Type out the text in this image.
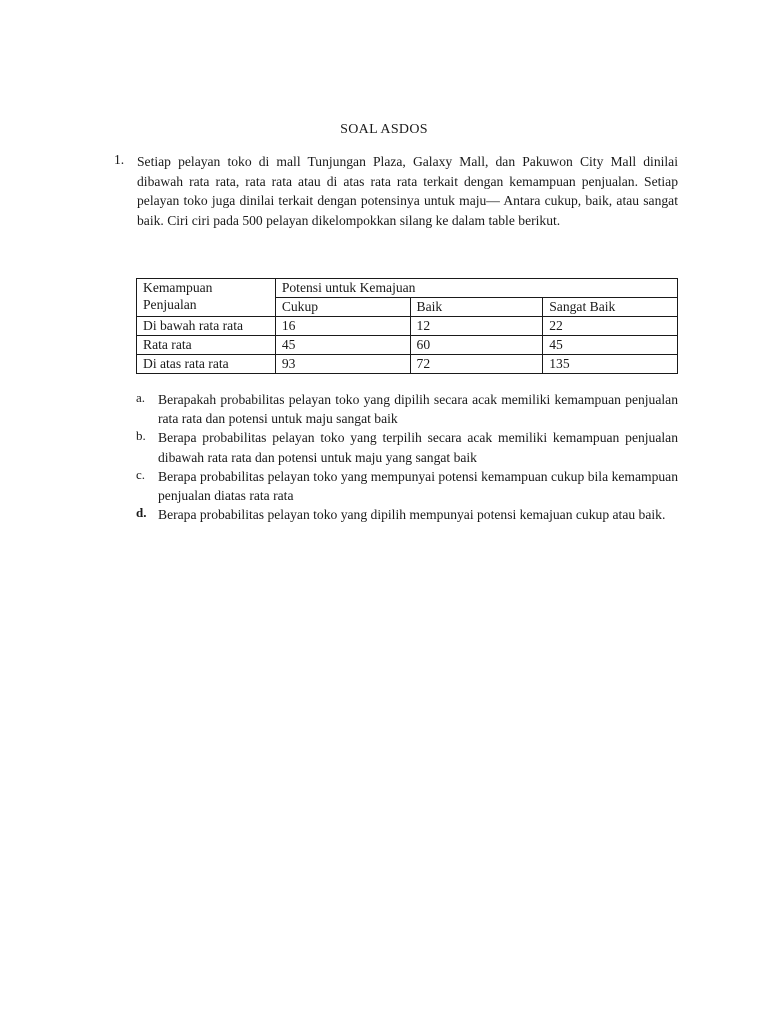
SOAL ASDOS
1. Setiap pelayan toko di mall Tunjungan Plaza, Galaxy Mall, dan Pakuwon City Mall dinilai dibawah rata rata, rata rata atau di atas rata rata terkait dengan kemampuan penjualan. Setiap pelayan toko juga dinilai terkait dengan potensinya untuk maju— Antara cukup, baik, atau sangat baik. Ciri ciri pada 500 pelayan dikelompokkan silang ke dalam table berikut.
Kemampuan Penjualan	Potensi untuk Kemajuan		
	Cukup	Baik	Sangat Baik
Di bawah rata rata	16	12	22
Rata rata	45	60	45
Di atas rata rata	93	72	135
a. Berapakah probabilitas pelayan toko yang dipilih secara acak memiliki kemampuan penjualan rata rata dan potensi untuk maju sangat baik
b. Berapa probabilitas pelayan toko yang terpilih secara acak memiliki kemampuan penjualan dibawah rata rata dan potensi untuk maju yang sangat baik
c. Berapa probabilitas pelayan toko yang mempunyai potensi kemampuan cukup bila kemampuan penjualan diatas rata rata
d. Berapa probabilitas pelayan toko yang dipilih mempunyai potensi kemajuan cukup atau baik.
